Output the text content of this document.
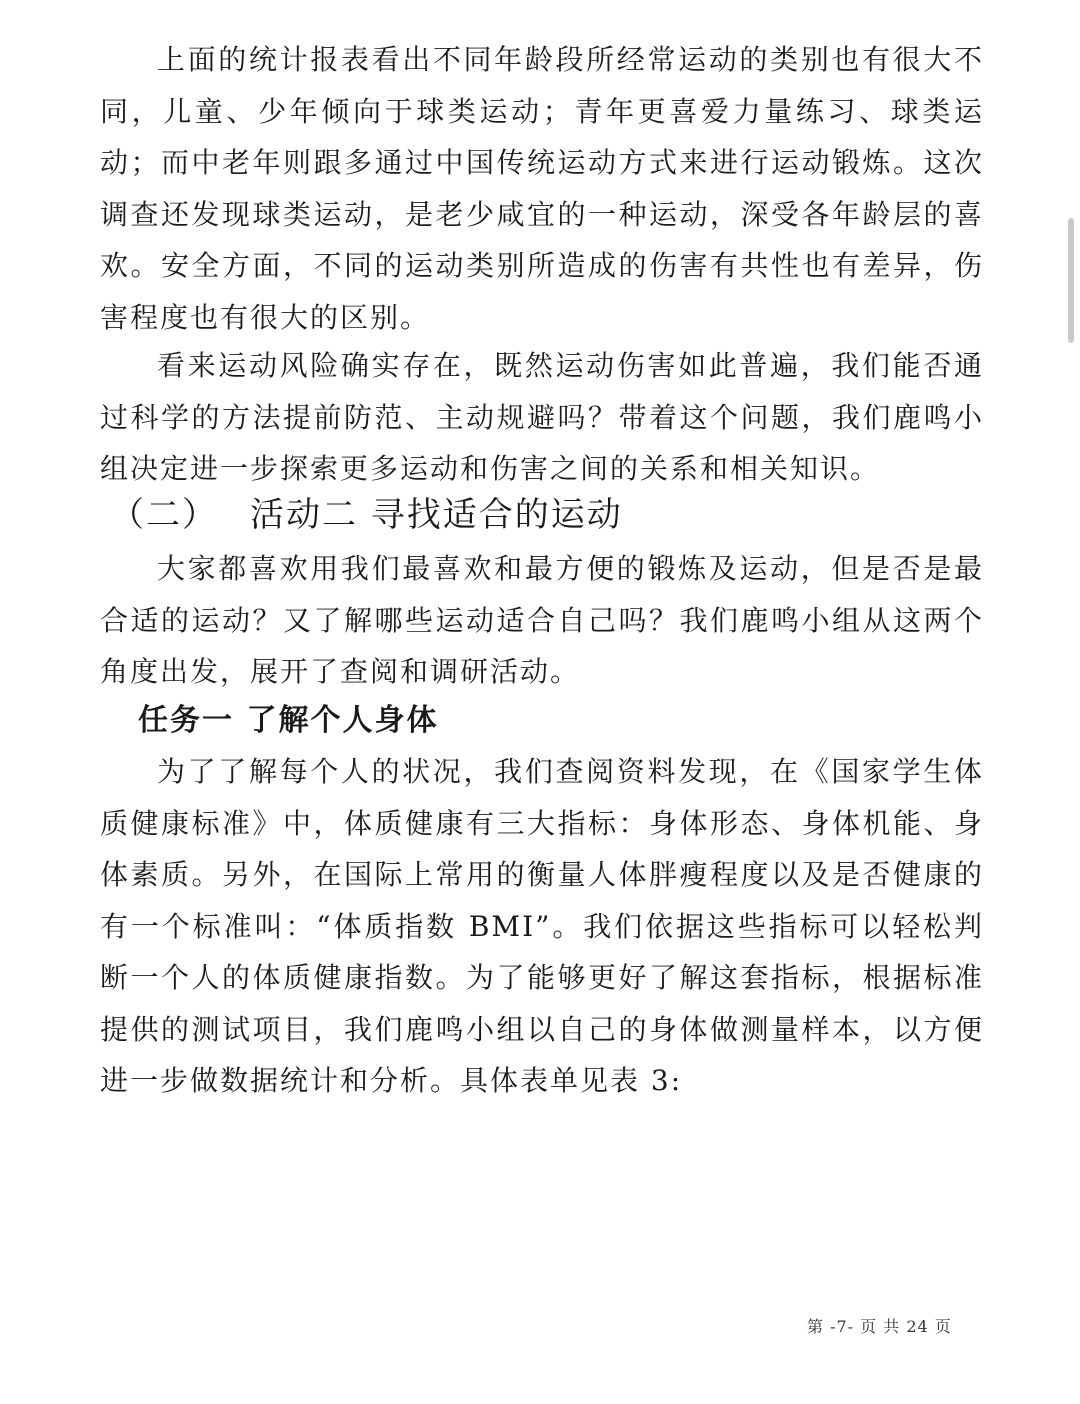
上面的统计报表看出不同年龄段所经常运动的类别也有很大不同，儿童、少年倾向于球类运动；青年更喜爱力量练习、球类运动；而中老年则跟多通过中国传统运动方式来进行运动锻炼。这次调查还发现球类运动，是老少咸宜的一种运动，深受各年龄层的喜欢。安全方面，不同的运动类别所造成的伤害有共性也有差异，伤害程度也有很大的区别。

看来运动风险确实存在，既然运动伤害如此普遍，我们能否通过科学的方法提前防范、主动规避吗？带着这个问题，我们鹿鸣小组决定进一步探索更多运动和伤害之间的关系和相关知识。

（二） 活动二 寻找适合的运动

大家都喜欢用我们最喜欢和最方便的锻炼及运动，但是否是最合适的运动？又了解哪些运动适合自己吗？我们鹿鸣小组从这两个角度出发，展开了查阅和调研活动。

任务一 了解个人身体

为了了解每个人的状况，我们查阅资料发现，在《国家学生体质健康标准》中，体质健康有三大指标：身体形态、身体机能、身体素质。另外，在国际上常用的衡量人体胖瘦程度以及是否健康的有一个标准叫：“体质指数 BMI”。我们依据这些指标可以轻松判断一个人的体质健康指数。为了能够更好了解这套指标，根据标准提供的测试项目，我们鹿鸣小组以自己的身体做测量样本，以方便进一步做数据统计和分析。具体表单见表 3:

第 -7- 页 共 24 页
